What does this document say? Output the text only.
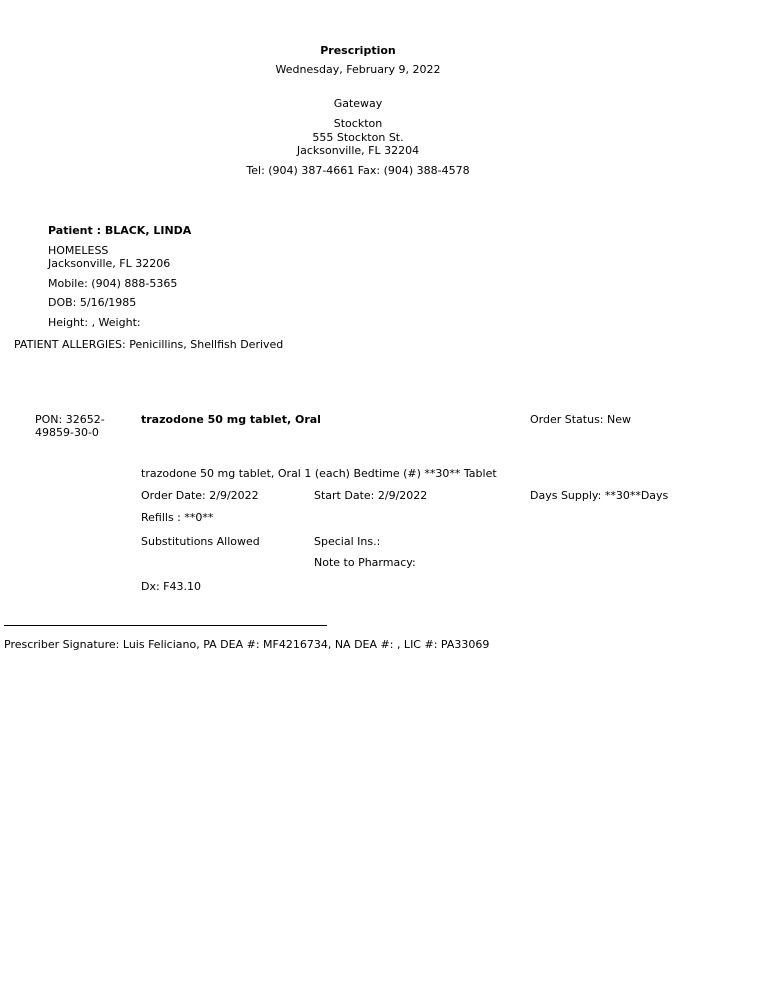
Prescription
Wednesday, February 9, 2022
Gateway
Stockton
555 Stockton St.
Jacksonville, FL 32204
Tel: (904) 387-4661 Fax: (904) 388-4578
Patient : BLACK, LINDA
HOMELESS
Jacksonville, FL 32206
Mobile: (904) 888-5365
DOB: 5/16/1985
Height: , Weight:
PATIENT ALLERGIES: Penicillins, Shellfish Derived
PON: 32652-
49859-30-0
trazodone 50 mg tablet, Oral	Order Status: New
trazodone 50 mg tablet, Oral 1 (each) Bedtime (#) **30** Tablet
Order Date: 2/9/2022	Start Date: 2/9/2022	Days Supply: **30**Days
Refills : **0**
Substitutions Allowed	Special Ins.:
Note to Pharmacy:
Dx: F43.10
Prescriber Signature: Luis Feliciano, PA DEA #: MF4216734, NA DEA #: , LIC #: PA33069
